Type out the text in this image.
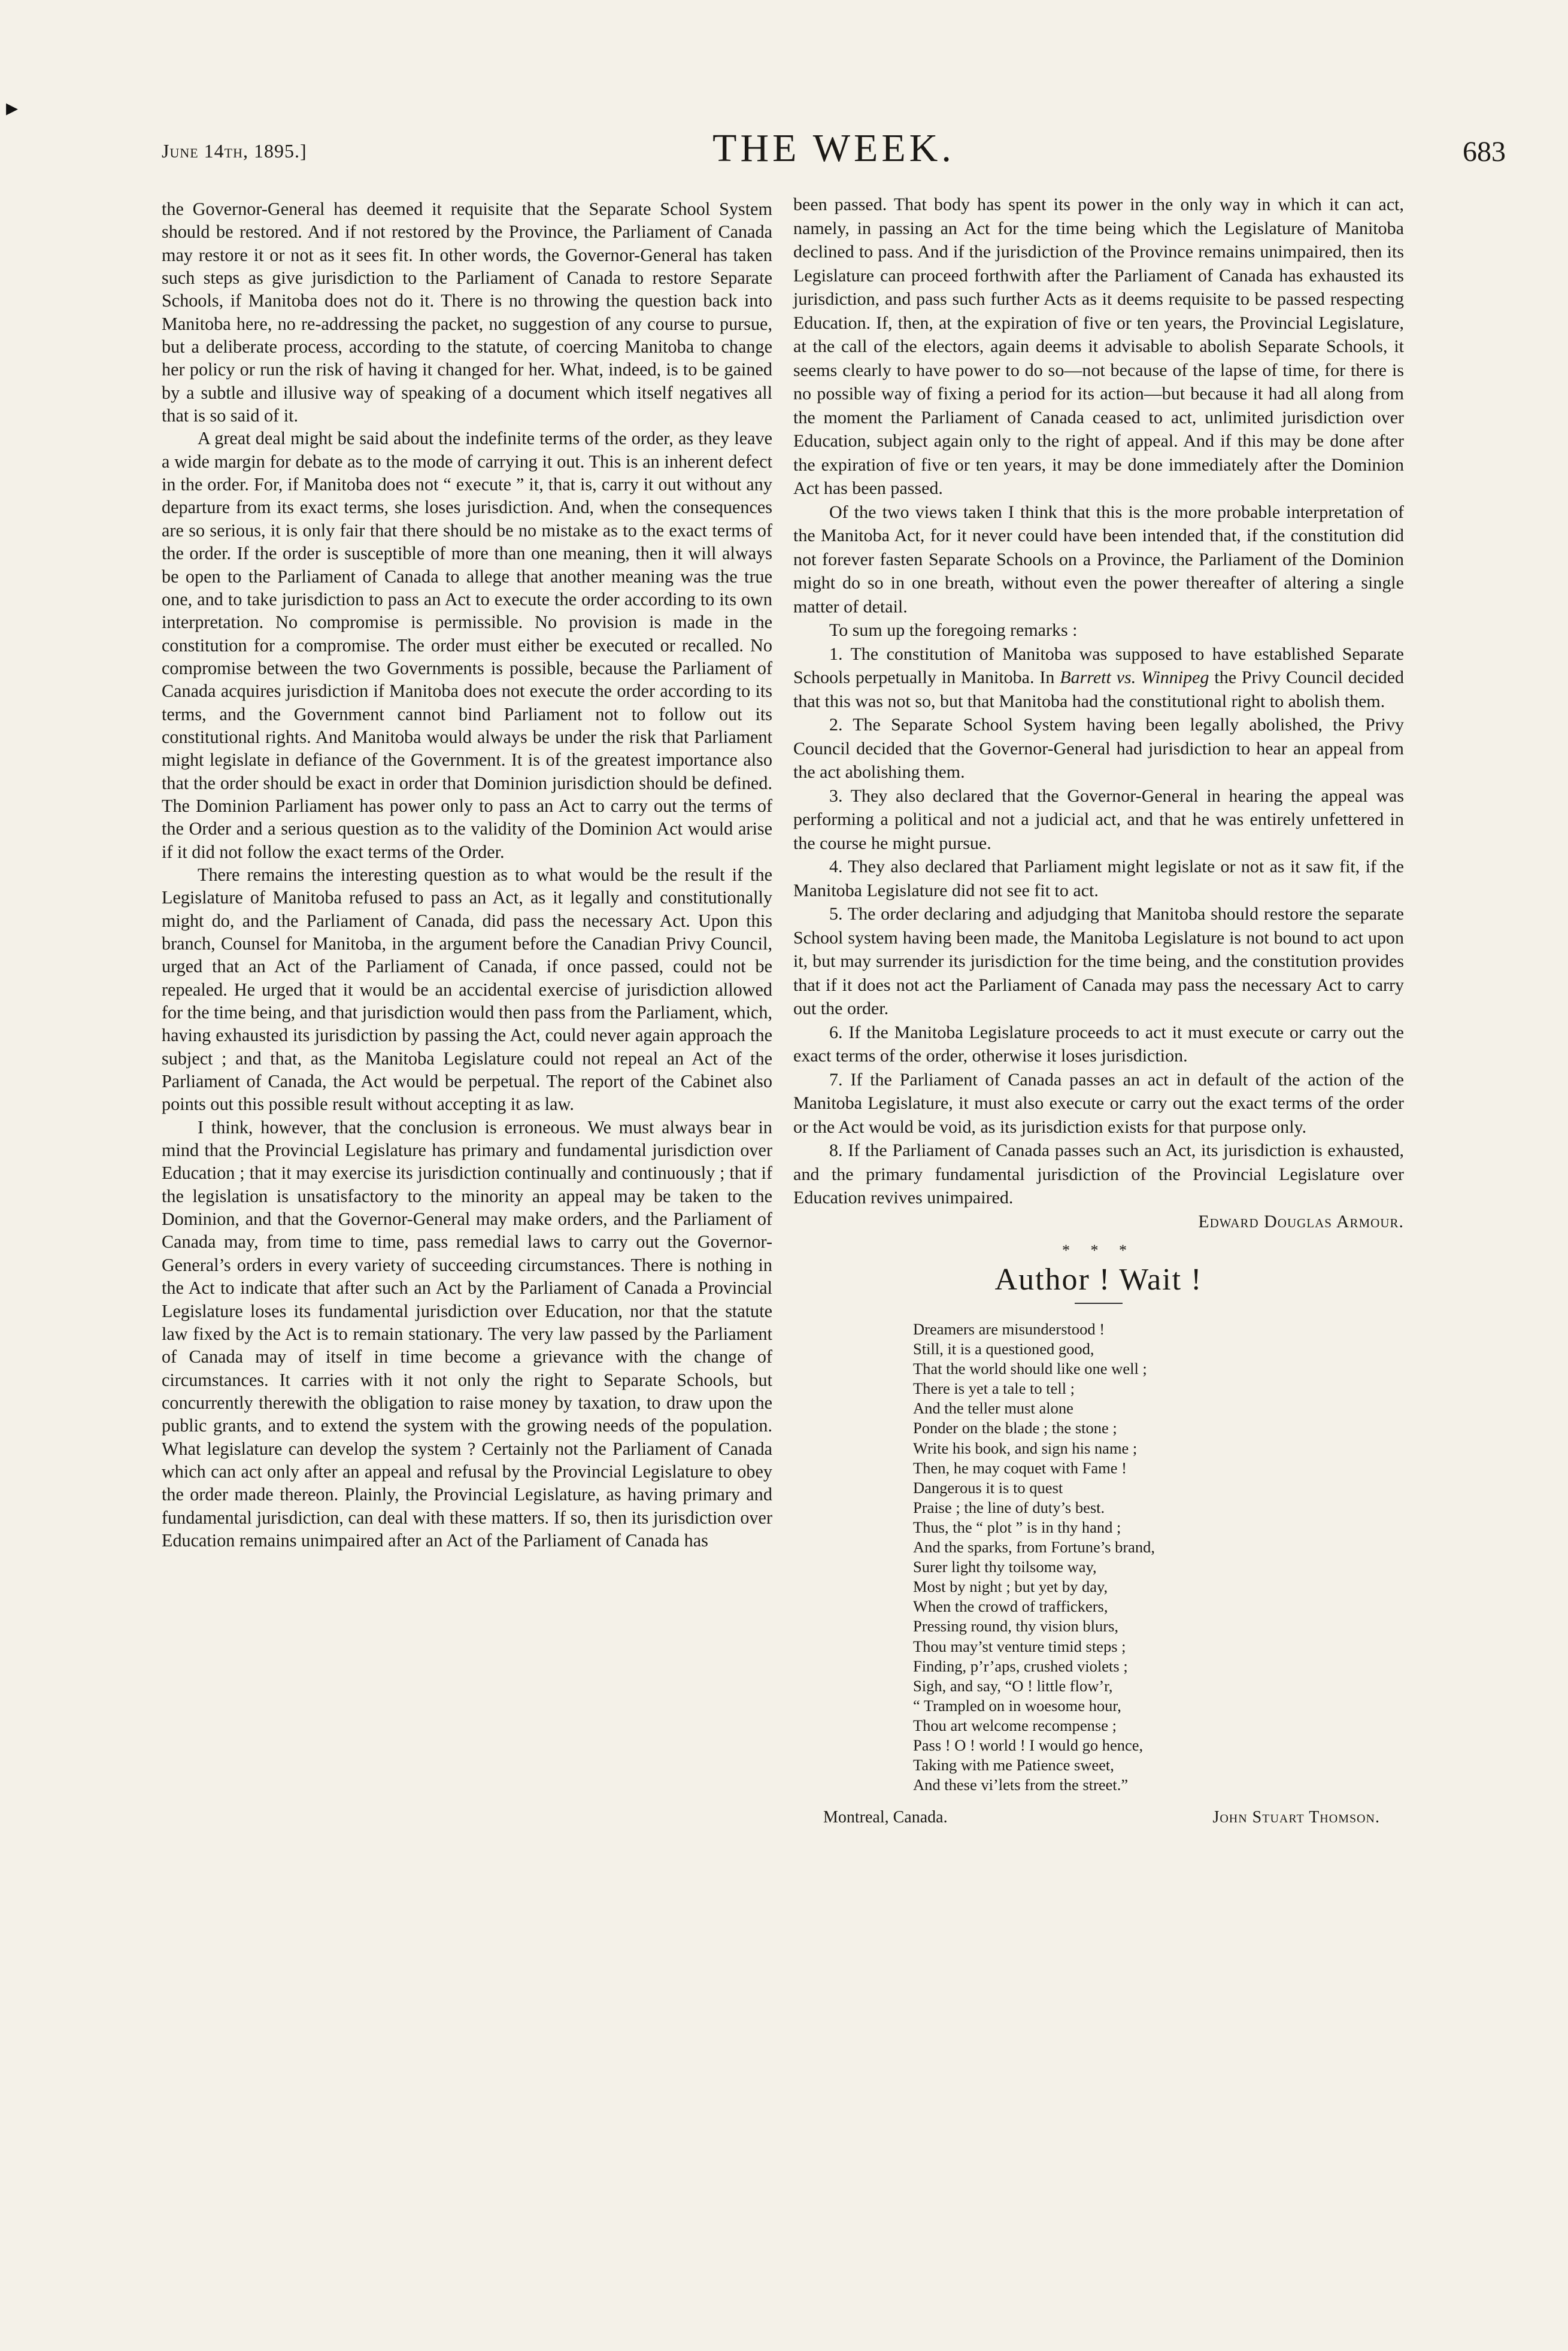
▸
June 14th, 1895.]	THE WEEK.	683

the Governor-General has deemed it requisite that the Separate School System should be restored. And if not restored by the Province, the Parliament of Canada may restore it or not as it sees fit. In other words, the Governor-General has taken such steps as give jurisdiction to the Parliament of Canada to restore Separate Schools, if Manitoba does not do it. There is no throwing the question back into Manitoba here, no re-addressing the packet, no suggestion of any course to pursue, but a deliberate process, according to the statute, of coercing Manitoba to change her policy or run the risk of having it changed for her. What, indeed, is to be gained by a subtle and illusive way of speaking of a document which itself negatives all that is so said of it.

A great deal might be said about the indefinite terms of the order, as they leave a wide margin for debate as to the mode of carrying it out. This is an inherent defect in the order. For, if Manitoba does not “ execute ” it, that is, carry it out without any departure from its exact terms, she loses jurisdiction. And, when the consequences are so serious, it is only fair that there should be no mistake as to the exact terms of the order. If the order is susceptible of more than one meaning, then it will always be open to the Parliament of Canada to allege that another meaning was the true one, and to take jurisdiction to pass an Act to execute the order according to its own interpretation. No compromise is permissible. No provision is made in the constitution for a compromise. The order must either be executed or recalled. No compromise between the two Governments is possible, because the Parliament of Canada acquires jurisdiction if Manitoba does not execute the order according to its terms, and the Government cannot bind Parliament not to follow out its constitutional rights. And Manitoba would always be under the risk that Parliament might legislate in defiance of the Government. It is of the greatest importance also that the order should be exact in order that Dominion jurisdiction should be defined. The Dominion Parliament has power only to pass an Act to carry out the terms of the Order and a serious question as to the validity of the Dominion Act would arise if it did not follow the exact terms of the Order.

There remains the interesting question as to what would be the result if the Legislature of Manitoba refused to pass an Act, as it legally and constitutionally might do, and the Parliament of Canada, did pass the necessary Act. Upon this branch, Counsel for Manitoba, in the argument before the Canadian Privy Council, urged that an Act of the Parliament of Canada, if once passed, could not be repealed. He urged that it would be an accidental exercise of jurisdiction allowed for the time being, and that jurisdiction would then pass from the Parliament, which, having exhausted its jurisdiction by passing the Act, could never again approach the subject ; and that, as the Manitoba Legislature could not repeal an Act of the Parliament of Canada, the Act would be perpetual. The report of the Cabinet also points out this possible result without accepting it as law.

I think, however, that the conclusion is erroneous. We must always bear in mind that the Provincial Legislature has primary and fundamental jurisdiction over Education ; that it may exercise its jurisdiction continually and continuously ; that if the legislation is unsatisfactory to the minority an appeal may be taken to the Dominion, and that the Governor-General may make orders, and the Parliament of Canada may, from time to time, pass remedial laws to carry out the Governor-General’s orders in every variety of succeeding circumstances. There is nothing in the Act to indicate that after such an Act by the Parliament of Canada a Provincial Legislature loses its fundamental jurisdiction over Education, nor that the statute law fixed by the Act is to remain stationary. The very law passed by the Parliament of Canada may of itself in time become a grievance with the change of circumstances. It carries with it not only the right to Separate Schools, but concurrently therewith the obligation to raise money by taxation, to draw upon the public grants, and to extend the system with the growing needs of the population. What legislature can develop the system ? Certainly not the Parliament of Canada which can act only after an appeal and refusal by the Provincial Legislature to obey the order made thereon. Plainly, the Provincial Legislature, as having primary and fundamental jurisdiction, can deal with these matters. If so, then its jurisdiction over Education remains unimpaired after an Act of the Parliament of Canada has

been passed. That body has spent its power in the only way in which it can act, namely, in passing an Act for the time being which the Legislature of Manitoba declined to pass. And if the jurisdiction of the Province remains unimpaired, then its Legislature can proceed forthwith after the Parliament of Canada has exhausted its jurisdiction, and pass such further Acts as it deems requisite to be passed respecting Education. If, then, at the expiration of five or ten years, the Provincial Legislature, at the call of the electors, again deems it advisable to abolish Separate Schools, it seems clearly to have power to do so—not because of the lapse of time, for there is no possible way of fixing a period for its action—but because it had all along from the moment the Parliament of Canada ceased to act, unlimited jurisdiction over Education, subject again only to the right of appeal. And if this may be done after the expiration of five or ten years, it may be done immediately after the Dominion Act has been passed.

Of the two views taken I think that this is the more probable interpretation of the Manitoba Act, for it never could have been intended that, if the constitution did not forever fasten Separate Schools on a Province, the Parliament of the Dominion might do so in one breath, without even the power thereafter of altering a single matter of detail.

To sum up the foregoing remarks :

1. The constitution of Manitoba was supposed to have established Separate Schools perpetually in Manitoba. In Barrett vs. Winnipeg the Privy Council decided that this was not so, but that Manitoba had the constitutional right to abolish them.

2. The Separate School System having been legally abolished, the Privy Council decided that the Governor-General had jurisdiction to hear an appeal from the act abolishing them.

3. They also declared that the Governor-General in hearing the appeal was performing a political and not a judicial act, and that he was entirely unfettered in the course he might pursue.

4. They also declared that Parliament might legislate or not as it saw fit, if the Manitoba Legislature did not see fit to act.

5. The order declaring and adjudging that Manitoba should restore the separate School system having been made, the Manitoba Legislature is not bound to act upon it, but may surrender its jurisdiction for the time being, and the constitution provides that if it does not act the Parliament of Canada may pass the necessary Act to carry out the order.

6. If the Manitoba Legislature proceeds to act it must execute or carry out the exact terms of the order, otherwise it loses jurisdiction.

7. If the Parliament of Canada passes an act in default of the action of the Manitoba Legislature, it must also execute or carry out the exact terms of the order or the Act would be void, as its jurisdiction exists for that purpose only.

8. If the Parliament of Canada passes such an Act, its jurisdiction is exhausted, and the primary fundamental jurisdiction of the Provincial Legislature over Education revives unimpaired.

Edward Douglas Armour.
* * *
Author ! Wait !
Dreamers are misunderstood !
Still, it is a questioned good,
That the world should like one well ;
There is yet a tale to tell ;
And the teller must alone
Ponder on the blade ; the stone ;
Write his book, and sign his name ;
Then, he may coquet with Fame !
Dangerous it is to quest
Praise ; the line of duty’s best.
Thus, the “ plot ” is in thy hand ;
And the sparks, from Fortune’s brand,
Surer light thy toilsome way,
Most by night ; but yet by day,
When the crowd of traffickers,
Pressing round, thy vision blurs,
Thou may’st venture timid steps ;
Finding, p’r’aps, crushed violets ;
Sigh, and say, “O ! little flow’r,
“ Trampled on in woesome hour,
Thou art welcome recompense ;
Pass ! O ! world ! I would go hence,
Taking with me Patience sweet,
And these vi’lets from the street.”
Montreal, Canada.	John Stuart Thomson.
